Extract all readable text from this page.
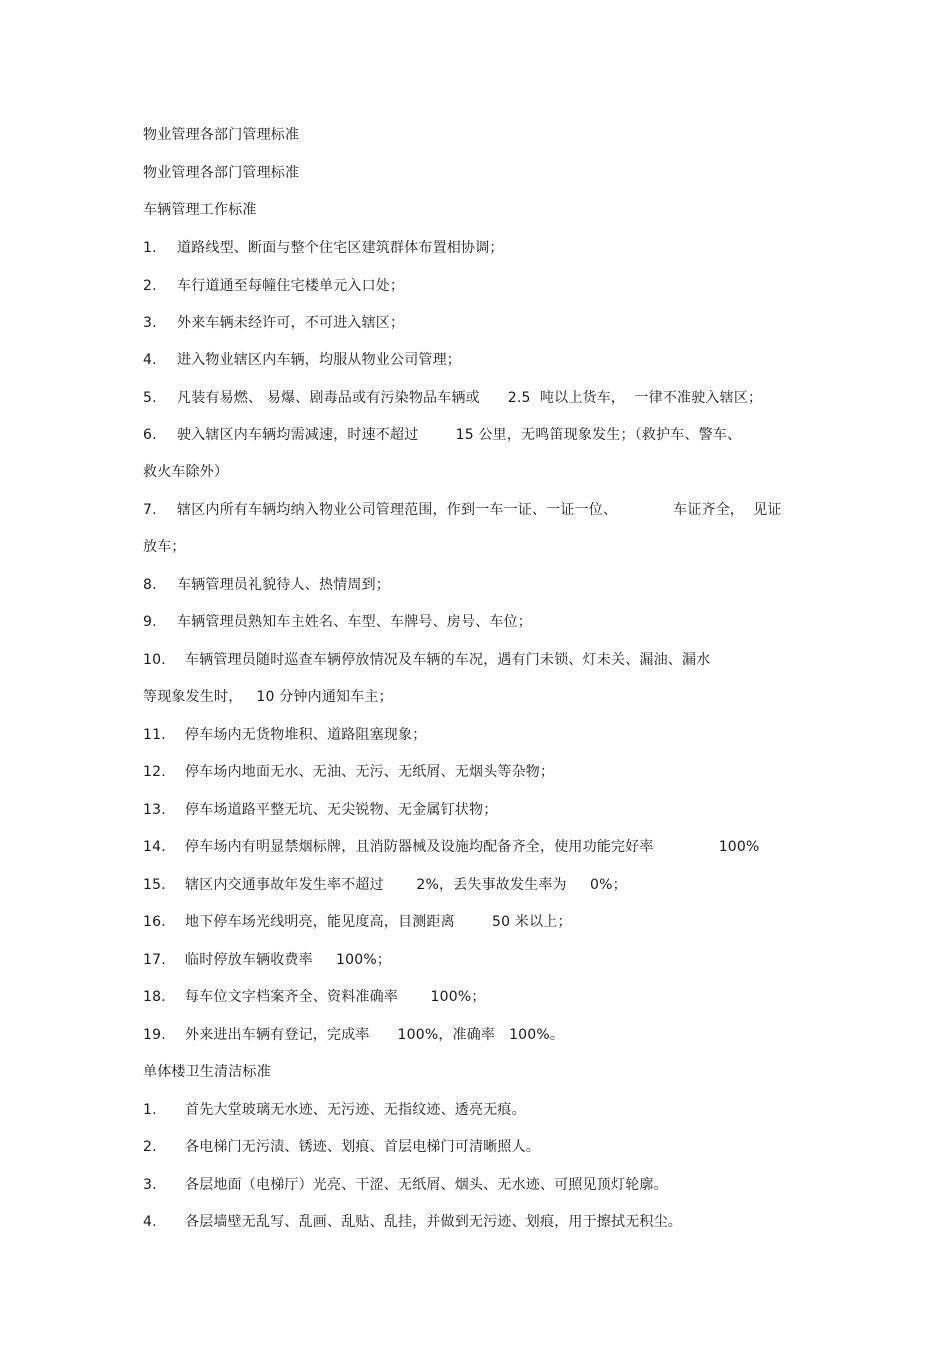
物业管理各部门管理标准
物业管理各部门管理标准
车辆管理工作标准
1. 道路线型、断面与整个住宅区建筑群体布置相协调；
2. 车行道通至每幢住宅楼单元入口处；
3. 外来车辆未经许可，不可进入辖区；
4. 进入物业辖区内车辆，均服从物业公司管理；
5. 凡装有易燃、 易爆、剧毒品或有污染物品车辆或      2.5  吨以上货车，  一律不准驶入辖区；
6. 驶入辖区内车辆均需减速，时速不超过        15 公里，无鸣笛现象发生；（救护车、警车、
救火车除外）
7. 辖区内所有车辆均纳入物业公司管理范围，作到一车一证、一证一位、            车证齐全，  见证
放车；
8. 车辆管理员礼貌待人、热情周到；
9. 车辆管理员熟知车主姓名、车型、车牌号、房号、车位；
10. 车辆管理员随时巡查车辆停放情况及车辆的车况，遇有门未锁、灯未关、漏油、漏水
等现象发生时，   10 分钟内通知车主；
11. 停车场内无货物堆积、道路阻塞现象；
12. 停车场内地面无水、无油、无污、无纸屑、无烟头等杂物；
13. 停车场道路平整无坑、无尖锐物、无金属钉状物；
14. 停车场内有明显禁烟标牌，且消防器械及设施均配备齐全，使用功能完好率              100%
15. 辖区内交通事故年发生率不超过       2%，丢失事故发生率为     0%；
16. 地下停车场光线明亮，能见度高，目测距离        50 米以上；
17. 临时停放车辆收费率     100%；
18. 每车位文字档案齐全、资料准确率       100%；
19. 外来进出车辆有登记，完成率      100%，准确率   100%。
单体楼卫生清洁标准
1. 首先大堂玻璃无水迹、无污迹、无指纹迹、透亮无痕。
2. 各电梯门无污渍、锈迹、划痕、首层电梯门可清晰照人。
3. 各层地面（电梯厅）光亮、干涩、无纸屑、烟头、无水迹、可照见顶灯轮廓。
4. 各层墙壁无乱写、乱画、乱贴、乱挂，并做到无污迹、划痕，用于擦拭无积尘。
